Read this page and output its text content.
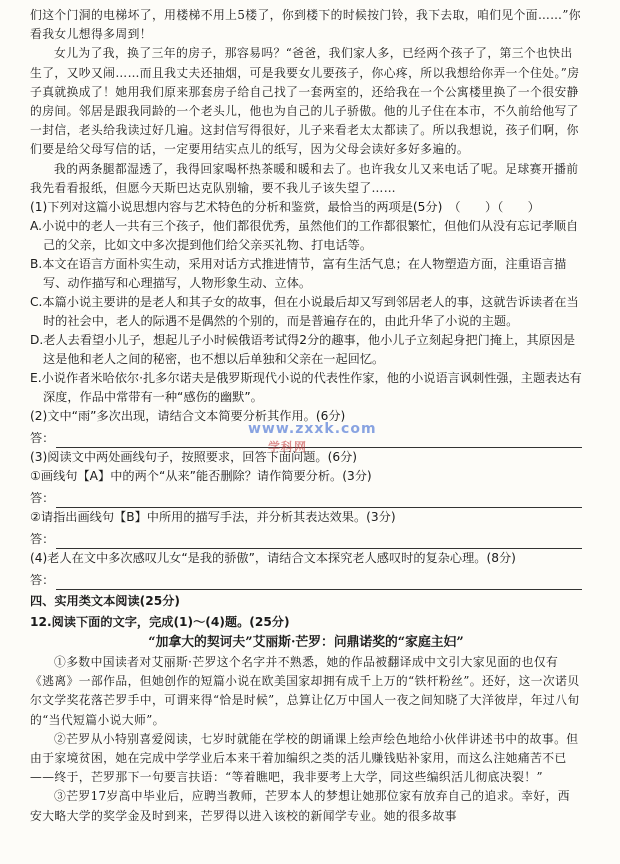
们这个门洞的电梯坏了，用楼梯不用上5楼了，你到楼下的时候按门铃，我下去取，咱们见个面……”你看我女儿想得多周到！

女儿为了我，换了三年的房子，那容易吗？“爸爸，我们家人多，已经两个孩子了，第三个也快出生了，又吵又闹……而且我丈夫还抽烟，可是我要女儿要孩子，你心疼，所以我想给你弄一个住处。”房子真就换成了！她用我们原来那套房子给自己找了一套两室的，还给我在一个公寓楼里换了一个很安静的房间。邻居是跟我同龄的一个老头儿，他也为自己的儿子骄傲。他的儿子住在本市，不久前给他写了一封信，老头给我读过好几遍。这封信写得很好，儿子来看老太太都读了。所以我想说，孩子们啊，你们要是给父母写信的话，一定要用结实点儿的纸写，因为父母会读好多好多遍的。

我的两条腿都湿透了，我得回家喝杯热茶暖和暖和去了。也许我女儿又来电话了呢。足球赛开播前我先看看报纸，但愿今天斯巴达克队别输，要不我儿子该失望了……

(1)下列对这篇小说思想内容与艺术特色的分析和鉴赏，最恰当的两项是(5分)　（　　）（　　）

A.小说中的老人一共有三个孩子，他们都很优秀，虽然他们的工作都很繁忙，但他们从没有忘记孝顺自己的父亲，比如文中多次提到他们给父亲买礼物、打电话等。

B.本文在语言方面朴实生动，采用对话方式推进情节，富有生活气息；在人物塑造方面，注重语言描写、动作描写和心理描写，人物形象生动、立体。

C.本篇小说主要讲的是老人和其子女的故事，但在小说最后却又写到邻居老人的事，这就告诉读者在当时的社会中，老人的际遇不是偶然的个别的，而是普遍存在的，由此升华了小说的主题。

D.老人去看望小儿子，想起儿子小时候俄语考试得2分的趣事，他小儿子立刻起身把门掩上，其原因是这是他和老人之间的秘密，也不想以后单独和父亲在一起回忆。

E.小说作者米哈依尔·扎多尔诺夫是俄罗斯现代小说的代表性作家，他的小说语言讽刺性强，主题表达有深度，作品中常带有一种“感伤的幽默”。

(2)文中“雨”多次出现，请结合文本简要分析其作用。(6分)

答：

(3)阅读文中两处画线句子，按照要求，回答下面问题。(6分)

①画线句【A】中的两个“从来”能否删除？请作简要分析。(3分)

答：

②请指出画线句【B】中所用的描写手法，并分析其表达效果。(3分)

答：

(4)老人在文中多次感叹儿女“是我的骄傲”，请结合文本探究老人感叹时的复杂心理。(8分)

答：

四、实用类文本阅读(25分)

12.阅读下面的文字，完成(1)～(4)题。(25分)

“加拿大的契诃夫”艾丽斯·芒罗：问鼎诺奖的“家庭主妇”

①多数中国读者对艾丽斯·芒罗这个名字并不熟悉，她的作品被翻译成中文引大家见面的也仅有《逃离》一部作品，但她创作的短篇小说在欧美国家却拥有成千上万的“铁杆粉丝”。还好，这一次诺贝尔文学奖花落芒罗手中，可谓来得“恰是时候”，总算让亿万中国人一夜之间知晓了大洋彼岸，年过八旬的“当代短篇小说大师”。

②芒罗从小特别喜爱阅读，七岁时就能在学校的朗诵课上绘声绘色地给小伙伴讲述书中的故事。但由于家境贫困，她在完成中学学业后本来干着加编织之类的活儿赚钱贴补家用，而这么注她痛苦不已——终于，芒罗那下一句要言扶语：“等着瞧吧，我非要考上大学，同这些编织活儿彻底决裂！”

③芒罗17岁高中毕业后，应聘当教师，芒罗本人的梦想让她那位家有放弃自己的追求。幸好，西安大略大学的奖学金及时到来，芒罗得以进入该校的新闻学专业。她的很多故事

www.zxxk.com
学科网
